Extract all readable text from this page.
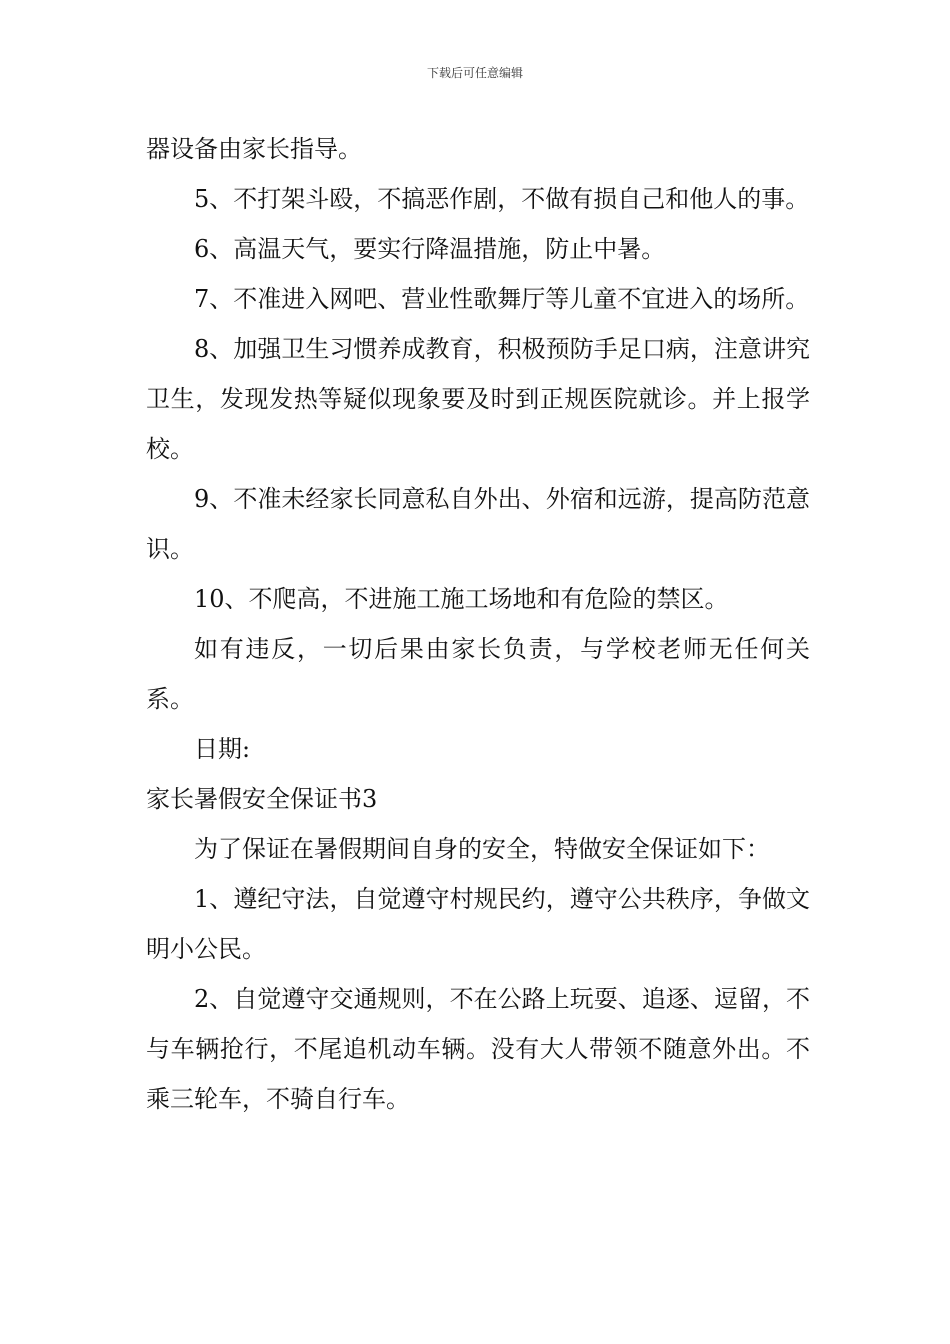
下载后可任意编辑

器设备由家长指导。

5、不打架斗殴，不搞恶作剧，不做有损自己和他人的事。

6、高温天气，要实行降温措施，防止中暑。

7、不准进入网吧、营业性歌舞厅等儿童不宜进入的场所。

8、加强卫生习惯养成教育，积极预防手足口病，注意讲究卫生，发现发热等疑似现象要及时到正规医院就诊。并上报学校。

9、不准未经家长同意私自外出、外宿和远游，提高防范意识。

10、不爬高，不进施工施工场地和有危险的禁区。

如有违反，一切后果由家长负责，与学校老师无任何关系。

日期:

家长暑假安全保证书3

为了保证在暑假期间自身的安全，特做安全保证如下：

1、遵纪守法，自觉遵守村规民约，遵守公共秩序，争做文明小公民。

2、自觉遵守交通规则，不在公路上玩耍、追逐、逗留，不与车辆抢行，不尾追机动车辆。没有大人带领不随意外出。不乘三轮车，不骑自行车。
